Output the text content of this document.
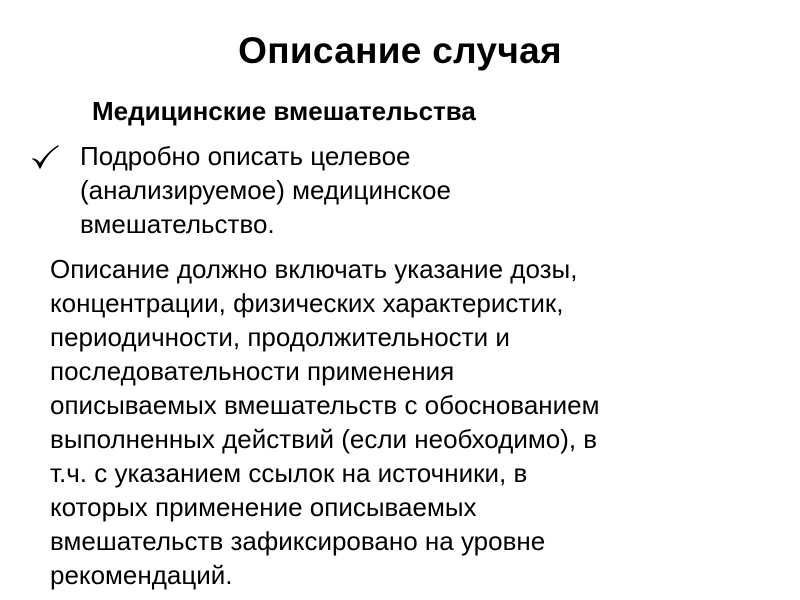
Описание случая
Медицинские вмешательства
Подробно описать целевое
(анализируемое) медицинское
вмешательство.
Описание должно включать указание дозы,
концентрации, физических характеристик,
периодичности, продолжительности и
последовательности применения
описываемых вмешательств с обоснованием
выполненных действий (если необходимо), в
т.ч. с указанием ссылок на источники, в
которых применение описываемых
вмешательств зафиксировано на уровне
рекомендаций.
